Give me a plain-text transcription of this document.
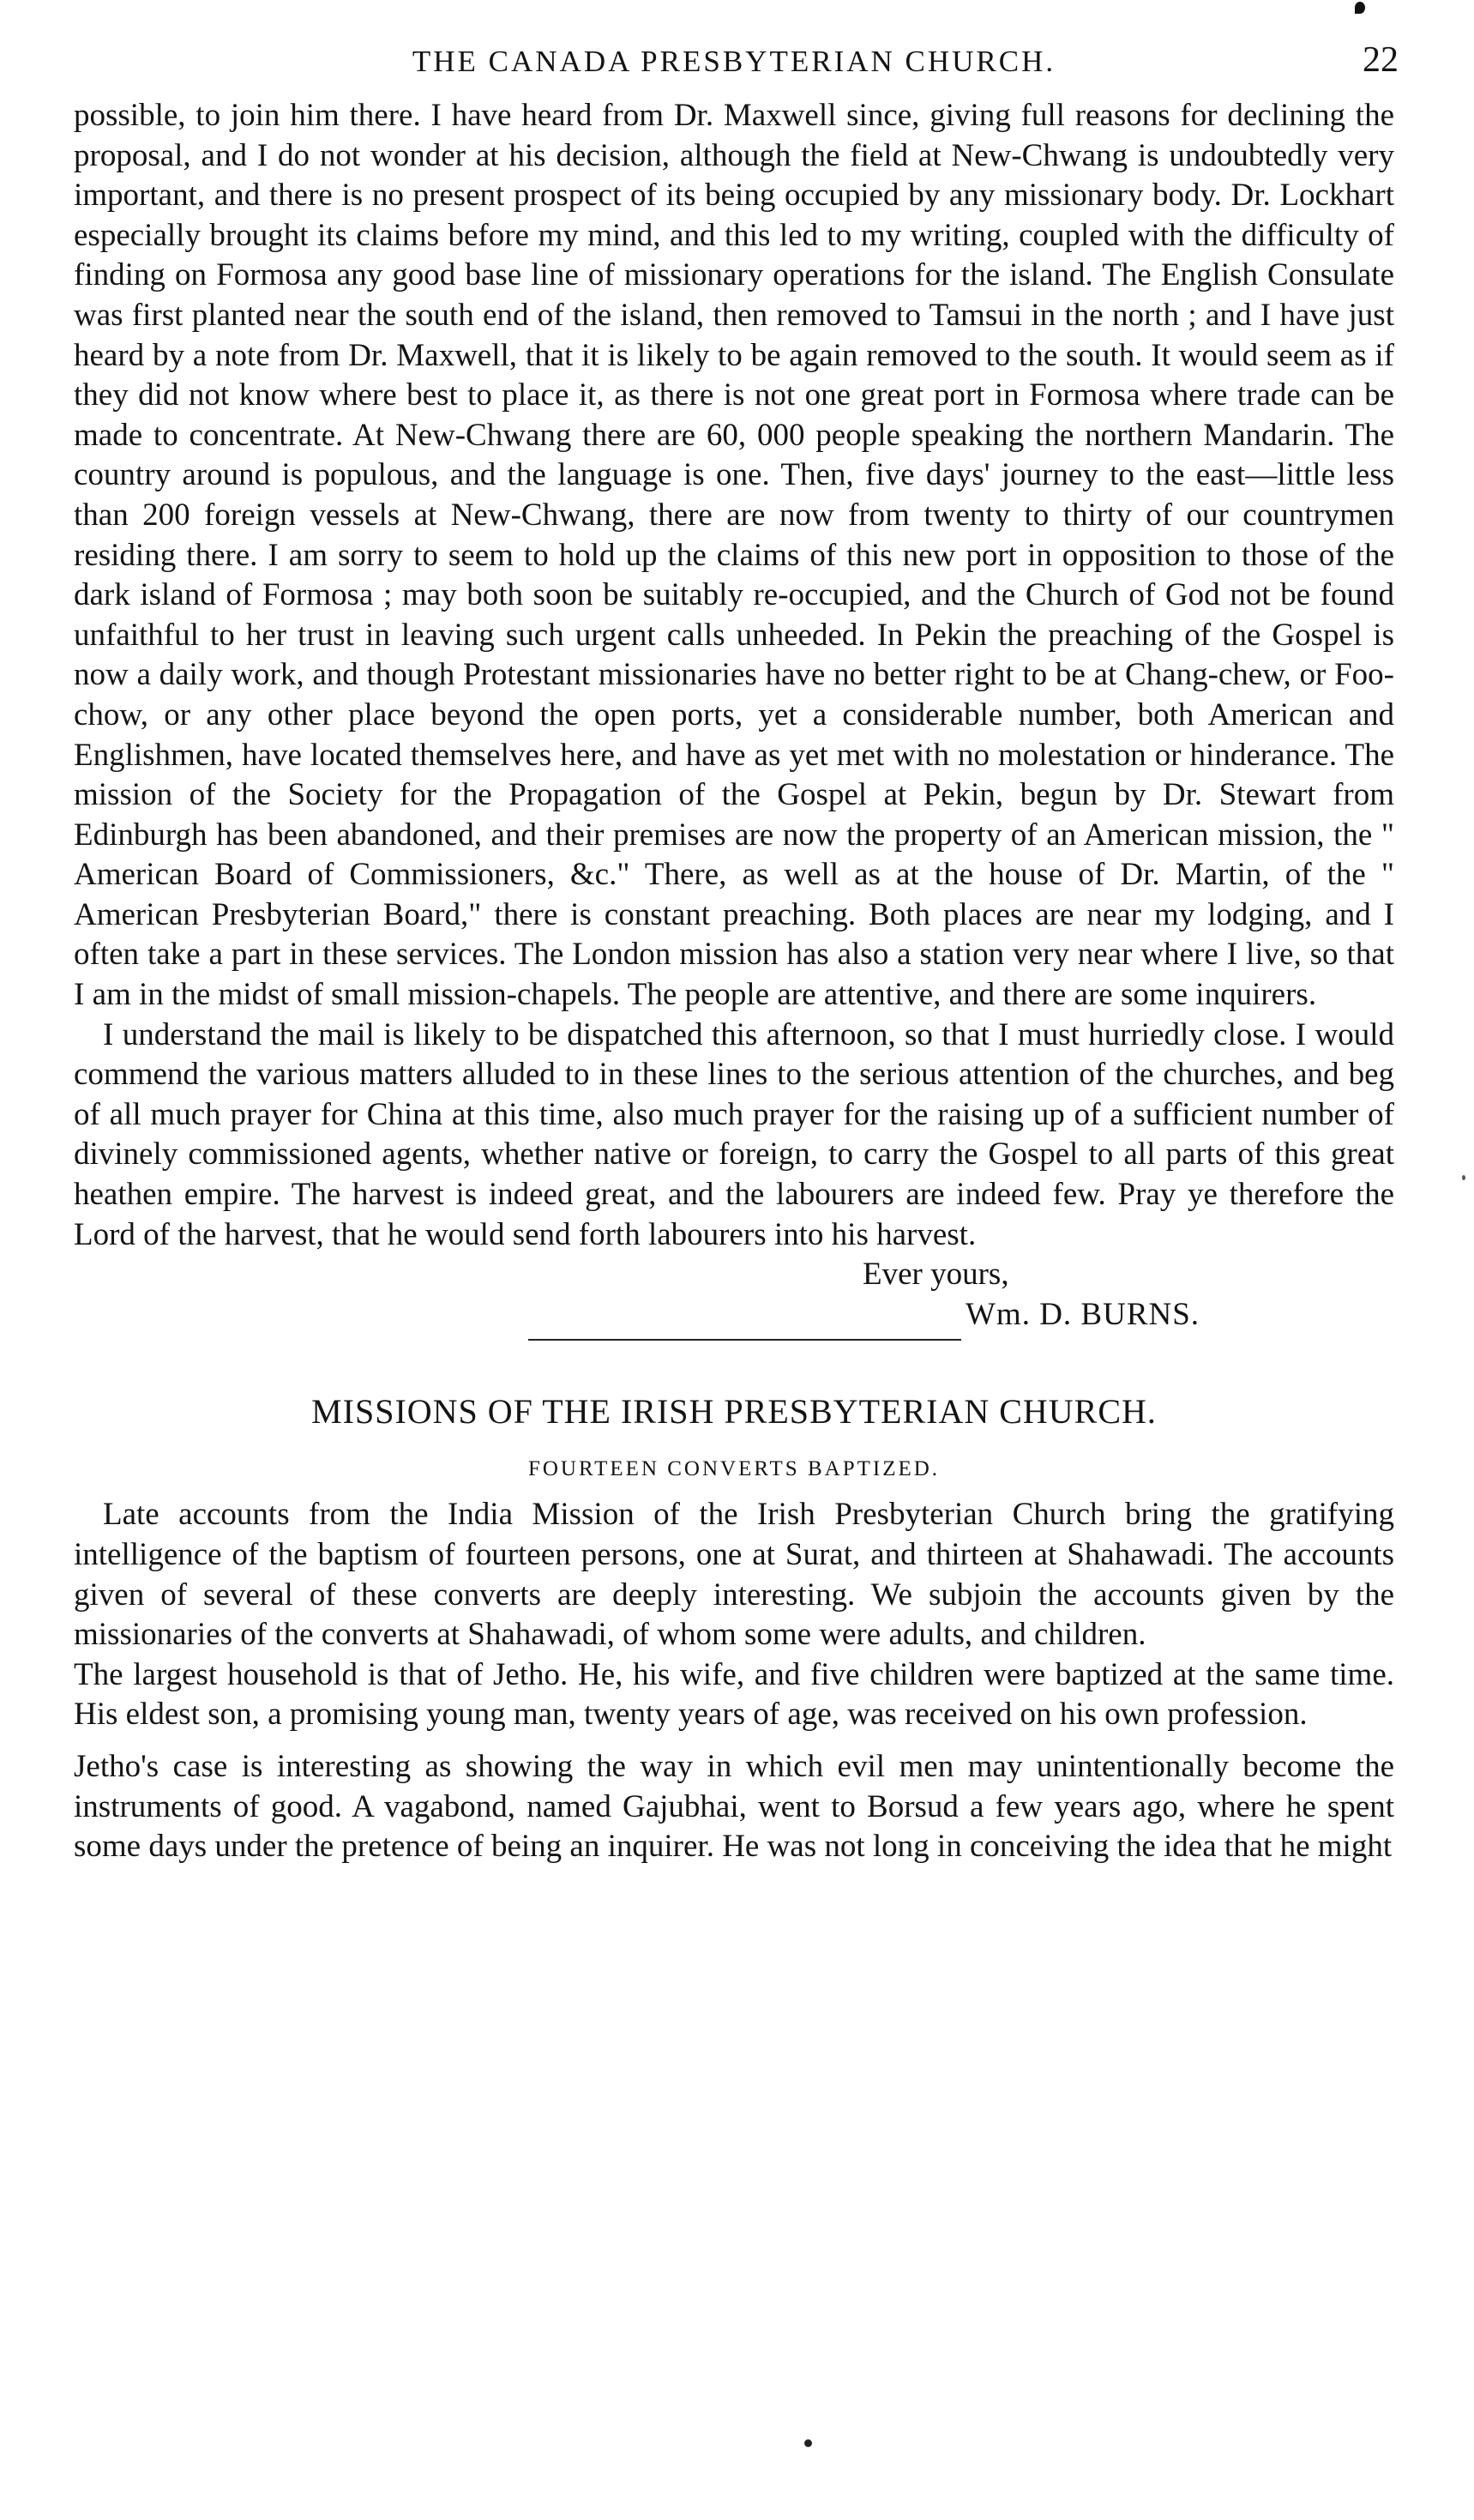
THE CANADA PRESBYTERIAN CHURCH.	22

possible, to join him there. I have heard from Dr. Maxwell since, giving full reasons for declining the proposal, and I do not wonder at his decision, although the field at New-Chwang is undoubtedly very important, and there is no present prospect of its being occupied by any missionary body. Dr. Lockhart especially brought its claims before my mind, and this led to my writing, coupled with the difficulty of finding on Formosa any good base line of missionary operations for the island. The English Consulate was first planted near the south end of the island, then removed to Tamsui in the north ; and I have just heard by a note from Dr. Maxwell, that it is likely to be again removed to the south. It would seem as if they did not know where best to place it, as there is not one great port in Formosa where trade can be made to concentrate. At New-Chwang there are 60, 000 people speaking the northern Mandarin. The country around is populous, and the language is one. Then, five days' journey to the east—little less than 200 foreign vessels at New-Chwang, there are now from twenty to thirty of our countrymen residing there. I am sorry to seem to hold up the claims of this new port in opposition to those of the dark island of Formosa ; may both soon be suitably re-occupied, and the Church of God not be found unfaithful to her trust in leaving such urgent calls unheeded. In Pekin the preaching of the Gospel is now a daily work, and though Protestant missionaries have no better right to be at Chang-chew, or Foo-chow, or any other place beyond the open ports, yet a considerable number, both American and Englishmen, have located themselves here, and have as yet met with no molestation or hinderance. The mission of the Society for the Propagation of the Gospel at Pekin, begun by Dr. Stewart from Edinburgh has been abandoned, and their premises are now the property of an American mission, the " American Board of Commissioners, &c." There, as well as at the house of Dr. Martin, of the " American Presbyterian Board," there is constant preaching. Both places are near my lodging, and I often take a part in these services. The London mission has also a station very near where I live, so that I am in the midst of small mission-chapels. The people are attentive, and there are some inquirers.

I understand the mail is likely to be dispatched this afternoon, so that I must hurriedly close. I would commend the various matters alluded to in these lines to the serious attention of the churches, and beg of all much prayer for China at this time, also much prayer for the raising up of a sufficient number of divinely commissioned agents, whether native or foreign, to carry the Gospel to all parts of this great heathen empire. The harvest is indeed great, and the labourers are indeed few. Pray ye therefore the Lord of the harvest, that he would send forth labourers into his harvest.

Ever yours,
Wm. D. BURNS.
MISSIONS OF THE IRISH PRESBYTERIAN CHURCH.
FOURTEEN CONVERTS BAPTIZED.

Late accounts from the India Mission of the Irish Presbyterian Church bring the gratifying intelligence of the baptism of fourteen persons, one at Surat, and thirteen at Shahawadi. The accounts given of several of these converts are deeply interesting. We subjoin the accounts given by the missionaries of the converts at Shahawadi, of whom some were adults, and children.

The largest household is that of Jetho. He, his wife, and five children were baptized at the same time. His eldest son, a promising young man, twenty years of age, was received on his own profession.

Jetho's case is interesting as showing the way in which evil men may unintentionally become the instruments of good. A vagabond, named Gajubhai, went to Borsud a few years ago, where he spent some days under the pretence of being an inquirer. He was not long in conceiving the idea that he might
